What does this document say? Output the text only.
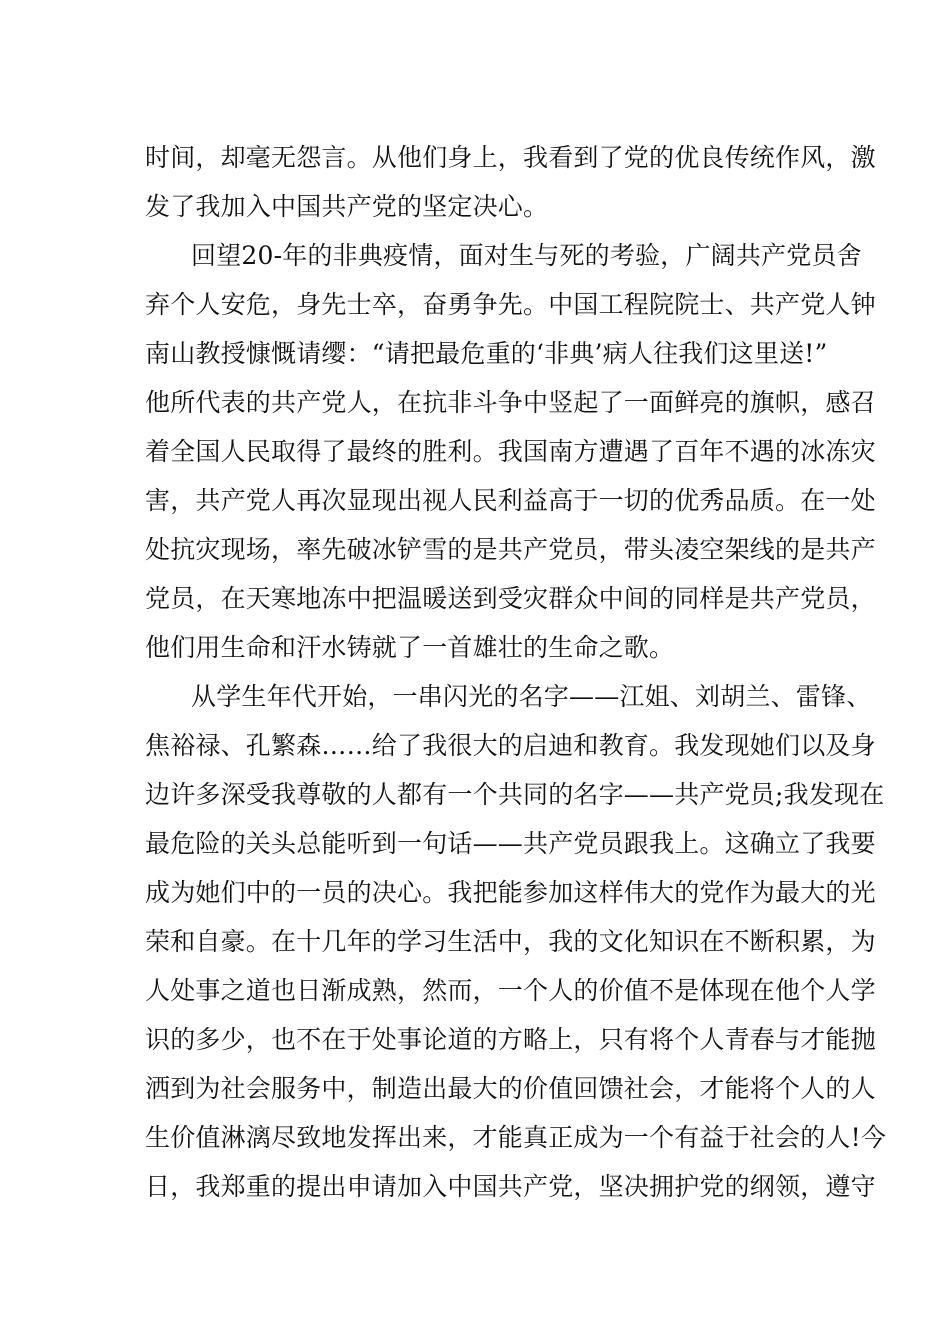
时间，却毫无怨言。从他们身上，我看到了党的优良传统作风，激
发了我加入中国共产党的坚定决心。
回望20-年的非典疫情，面对生与死的考验，广阔共产党员舍
弃个人安危，身先士卒，奋勇争先。中国工程院院士、共产党人钟
南山教授慷慨请缨：“请把最危重的‘非典’病人往我们这里送!”
他所代表的共产党人，在抗非斗争中竖起了一面鲜亮的旗帜，感召
着全国人民取得了最终的胜利。我国南方遭遇了百年不遇的冰冻灾
害，共产党人再次显现出视人民利益高于一切的优秀品质。在一处
处抗灾现场，率先破冰铲雪的是共产党员，带头凌空架线的是共产
党员，在天寒地冻中把温暖送到受灾群众中间的同样是共产党员，
他们用生命和汗水铸就了一首雄壮的生命之歌。
从学生年代开始，一串闪光的名字——江姐、刘胡兰、雷锋、
焦裕禄、孔繁森……给了我很大的启迪和教育。我发现她们以及身
边许多深受我尊敬的人都有一个共同的名字——共产党员;我发现在
最危险的关头总能听到一句话——共产党员跟我上。这确立了我要
成为她们中的一员的决心。我把能参加这样伟大的党作为最大的光
荣和自豪。在十几年的学习生活中，我的文化知识在不断积累，为
人处事之道也日渐成熟，然而，一个人的价值不是体现在他个人学
识的多少，也不在于处事论道的方略上，只有将个人青春与才能抛
洒到为社会服务中，制造出最大的价值回馈社会，才能将个人的人
生价值淋漓尽致地发挥出来，才能真正成为一个有益于社会的人!今
日，我郑重的提出申请加入中国共产党，坚决拥护党的纲领，遵守
